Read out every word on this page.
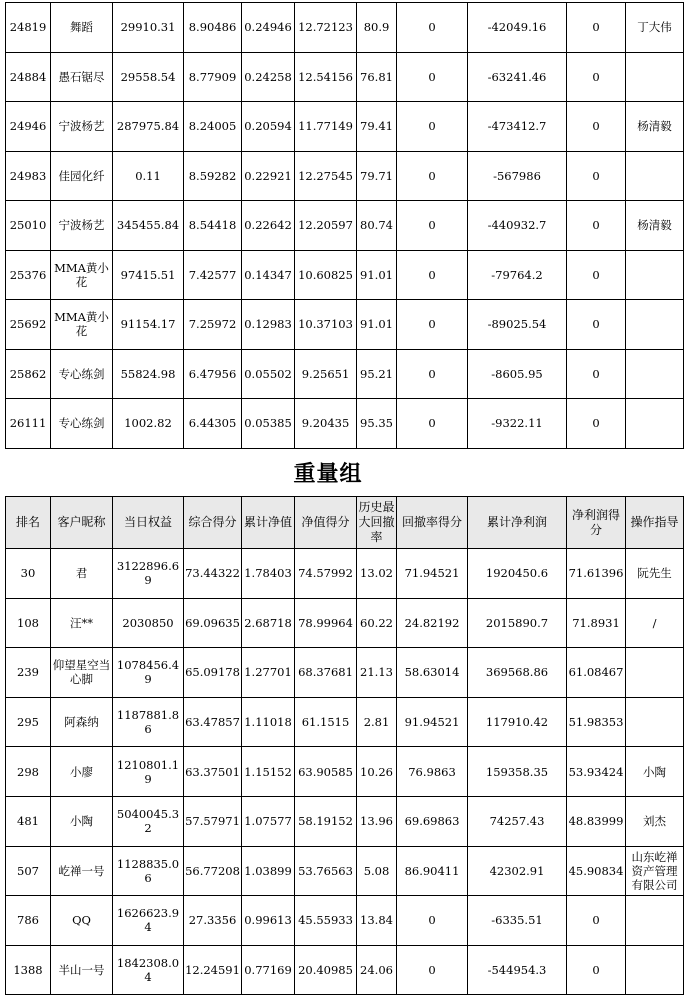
24819	舞蹈	29910.31	8.90486	0.24946	12.72123	80.9	0	-42049.16	0	丁大伟
24884	愚石锯尽	29558.54	8.77909	0.24258	12.54156	76.81	0	-63241.46	0	
24946	宁波杨艺	287975.84	8.24005	0.20594	11.77149	79.41	0	-473412.7	0	杨清毅
24983	佳园化纤	0.11	8.59282	0.22921	12.27545	79.71	0	-567986	0	
25010	宁波杨艺	345455.84	8.54418	0.22642	12.20597	80.74	0	-440932.7	0	杨清毅
25376	MMA黄小花	97415.51	7.42577	0.14347	10.60825	91.01	0	-79764.2	0	
25692	MMA黄小花	91154.17	7.25972	0.12983	10.37103	91.01	0	-89025.54	0	
25862	专心练剑	55824.98	6.47956	0.05502	9.25651	95.21	0	-8605.95	0	
26111	专心练剑	1002.82	6.44305	0.05385	9.20435	95.35	0	-9322.11	0	
重量组
排名	客户昵称	当日权益	综合得分	累计净值	净值得分	历史最大回撤率	回撤率得分	累计净利润	净利润得分	操作指导
30	君	3122896.69	73.44322	1.78403	74.57992	13.02	71.94521	1920450.6	71.61396	阮先生
108	汪**	2030850	69.09635	2.68718	78.99964	60.22	24.82192	2015890.7	71.8931	/
239	仰望星空当心脚	1078456.49	65.09178	1.27701	68.37681	21.13	58.63014	369568.86	61.08467	
295	阿森纳	1187881.86	63.47857	1.11018	61.1515	2.81	91.94521	117910.42	51.98353	
298	小廖	1210801.19	63.37501	1.15152	63.90585	10.26	76.9863	159358.35	53.93424	小陶
481	小陶	5040045.32	57.57971	1.07577	58.19152	13.96	69.69863	74257.43	48.83999	刘杰
507	屹禅一号	1128835.06	56.77208	1.03899	53.76563	5.08	86.90411	42302.91	45.90834	山东屹禅资产管理有限公司
786	QQ	1626623.94	27.3356	0.99613	45.55933	13.84	0	-6335.51	0	
1388	半山一号	1842308.04	12.24591	0.77169	20.40985	24.06	0	-544954.3	0	
